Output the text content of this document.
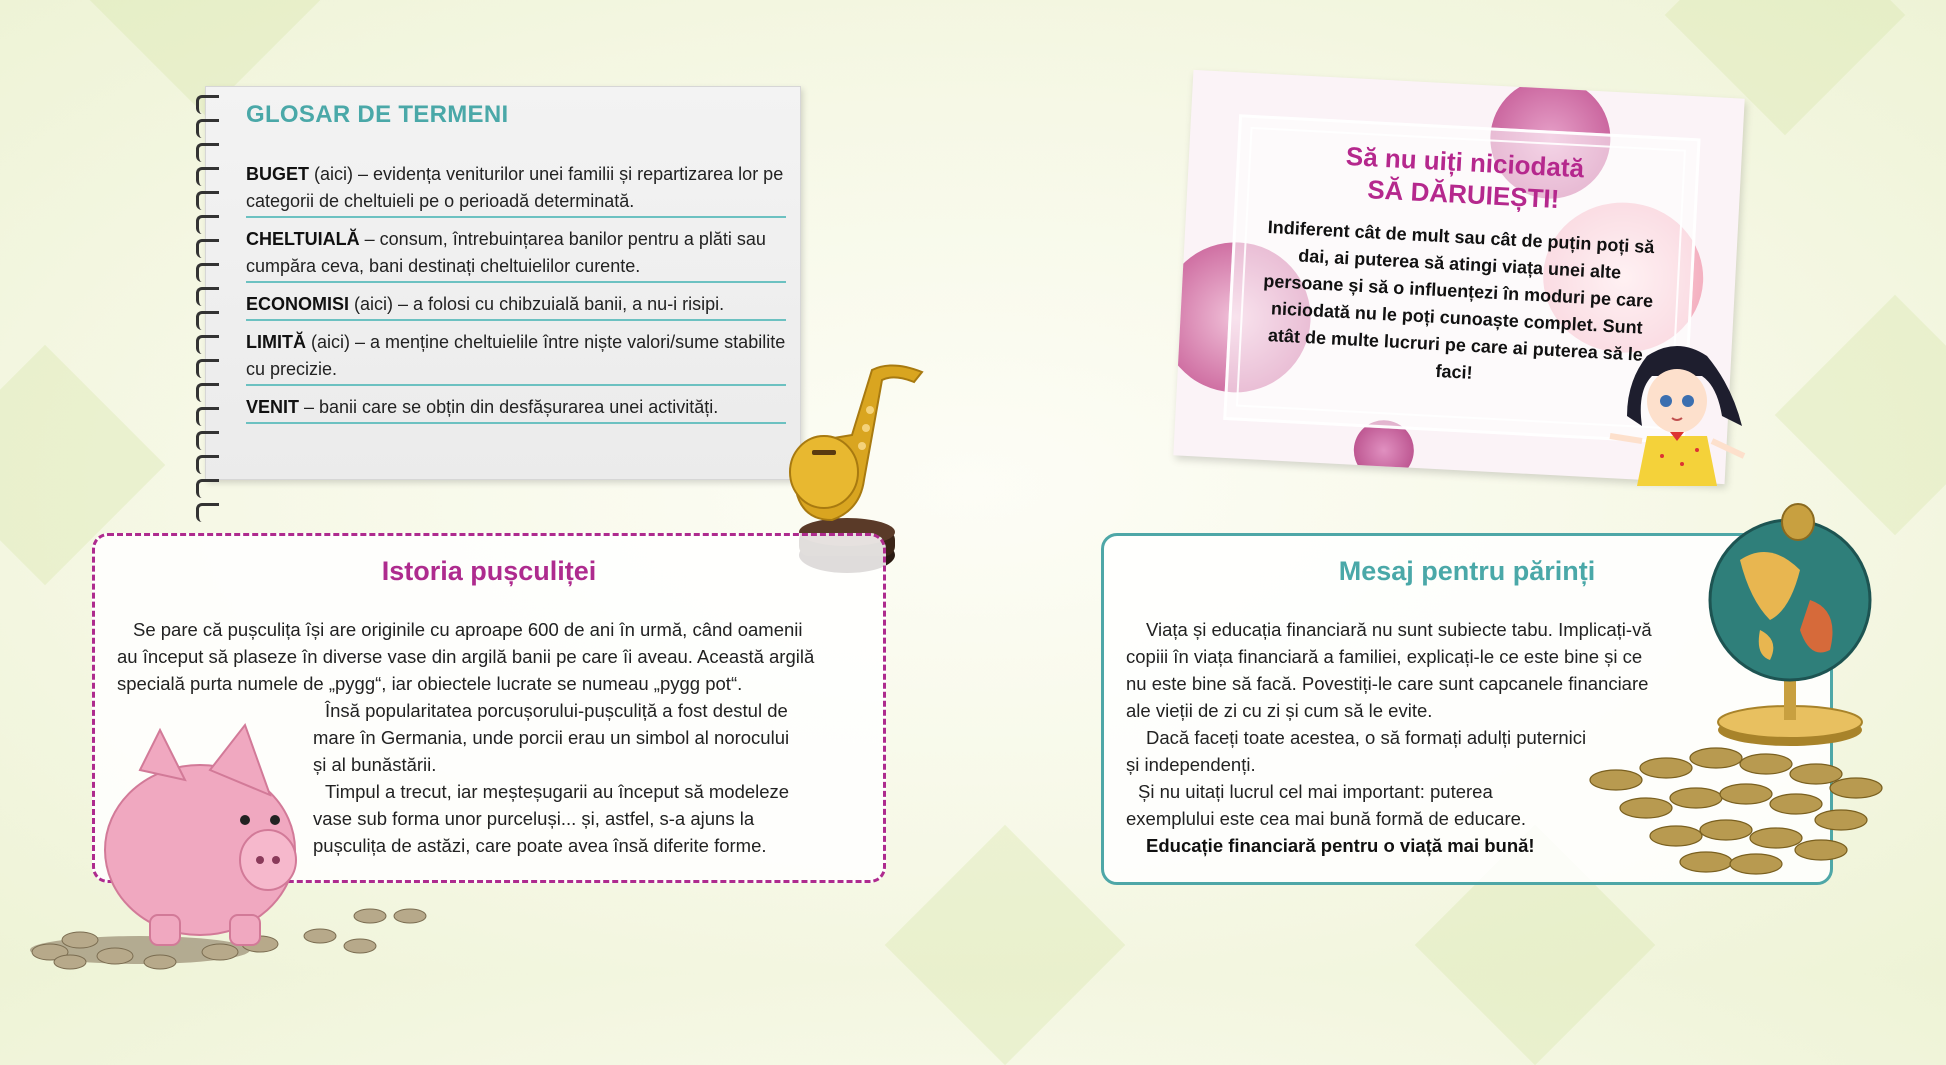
GLOSAR DE TERMENI
BUGET (aici) – evidența veniturilor unei familii și repartizarea lor pe categorii de cheltuieli pe o perioadă determinată.
CHELTUIALĂ – consum, întrebuințarea banilor pentru a plăti sau cumpăra ceva, bani destinați cheltuielilor curente.
ECONOMISI (aici) – a folosi cu chibzuială banii, a nu-i risipi.
LIMITĂ (aici) – a menține cheltuielile între niște valori/sume stabilite cu precizie.
VENIT – banii care se obțin din desfășurarea unei activități.
Să nu uiți niciodată
SĂ DĂRUIEȘTI!
Indiferent cât de mult sau cât de puțin poți să dai, ai puterea să atingi viața unei alte persoane și să o influențezi în moduri pe care niciodată nu le poți cunoaște complet. Sunt atât de multe lucruri pe care ai puterea să le faci!
Istoria pușculiței
Se pare că pușculița își are originile cu aproape 600 de ani în urmă, când oamenii
au început să plaseze în diverse vase din argilă banii pe care îi aveau. Această argilă
specială purta numele de „pygg“, iar obiectele lucrate se numeau „pygg pot“.
Însă popularitatea porcușorului-pușculiță a fost destul de
mare în Germania, unde porcii erau un simbol al norocului
și al bunăstării.
Timpul a trecut, iar meșteșugarii au început să modeleze
vase sub forma unor purceluși... și, astfel, s-a ajuns la
pușculița de astăzi, care poate avea însă diferite forme.
Mesaj pentru părinți
Viața și educația financiară nu sunt subiecte tabu. Implicați-vă
copiii în viața financiară a familiei, explicați-le ce este bine și ce
nu este bine să facă. Povestiți-le care sunt capcanele financiare
ale vieții de zi cu zi și cum să le evite.
Dacă faceți toate acestea, o să formați adulți puternici
și independenți.
Și nu uitați lucrul cel mai important: puterea
exemplului este cea mai bună formă de educare.
Educație financiară pentru o viață mai bună!
